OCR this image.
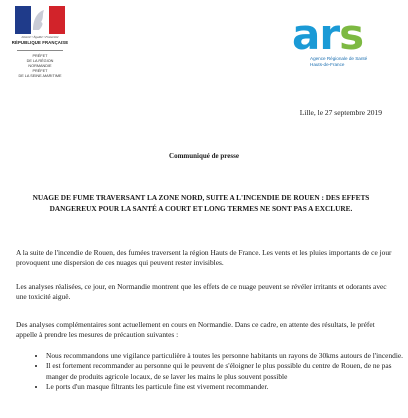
Liberté • Égalité • Fraternité
RÉPUBLIQUE FRANÇAISE
PRÉFET
DE LA RÉGION
NORMANDIE
PRÉFET
DE LA SEINE-MARITIME
ars
Agence Régionale de Santé Hauts-de-France
Lille, le 27 septembre 2019
Communiqué de presse
NUAGE DE FUME TRAVERSANT LA ZONE NORD, SUITE A L'INCENDIE DE ROUEN : DES EFFETS DANGEREUX POUR LA SANTÉ A COURT ET LONG TERMES NE SONT PAS A EXCLURE.
A la suite de l'incendie de Rouen, des fumées traversent la région Hauts de France. Les vents et les pluies importants de ce jour provoquent une dispersion de ces nuages qui peuvent rester invisibles.
Les analyses réalisées, ce jour, en Normandie montrent que les effets de ce nuage peuvent se révéler irritants et odorants avec une toxicité aiguë.
Des analyses complémentaires sont actuellement en cours en Normandie. Dans ce cadre, en attente des résultats, le préfet appelle à prendre les mesures de précaution suivantes :
• Nous recommandons une vigilance particulière à toutes les personne habitants un rayons de 30kms autours de l'incendie.
• Il est fortement recommander au personne qui le peuvent de s'éloigner le plus possible du centre de Rouen, de ne pas manger de produits agricole locaux, de se laver les mains le plus souvent possible
• Le ports d'un masque filtrants les particule fine est vivement recommander.
